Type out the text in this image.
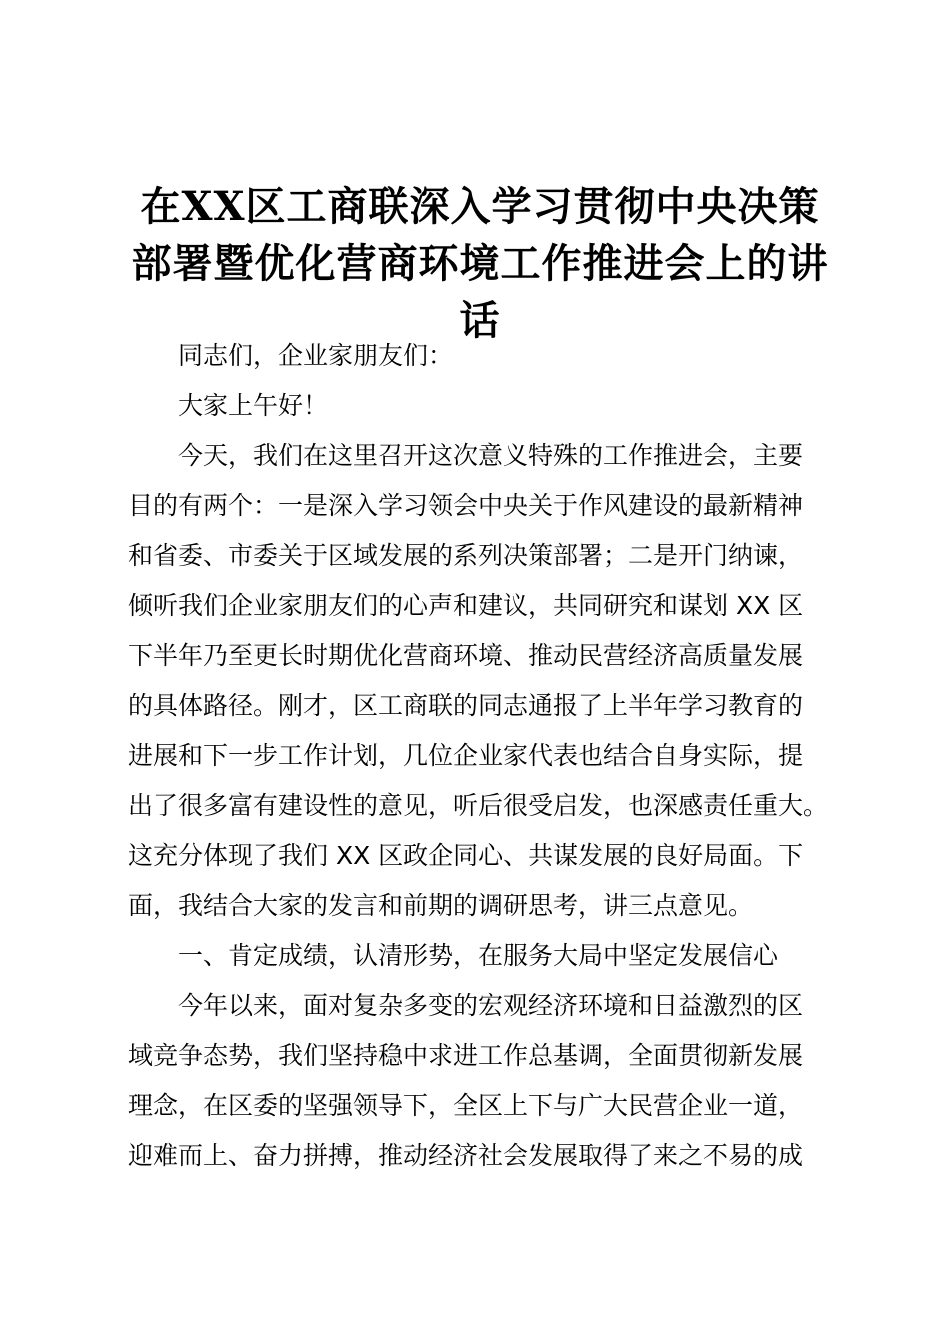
在XX区工商联深入学习贯彻中央决策
部署暨优化营商环境工作推进会上的讲
话
同志们，企业家朋友们：
大家上午好！
今天，我们在这里召开这次意义特殊的工作推进会，主要
目的有两个：一是深入学习领会中央关于作风建设的最新精神
和省委、市委关于区域发展的系列决策部署；二是开门纳谏，
倾听我们企业家朋友们的心声和建议，共同研究和谋划 XX 区
下半年乃至更长时期优化营商环境、推动民营经济高质量发展
的具体路径。刚才，区工商联的同志通报了上半年学习教育的
进展和下一步工作计划，几位企业家代表也结合自身实际，提
出了很多富有建设性的意见，听后很受启发，也深感责任重大。
这充分体现了我们 XX 区政企同心、共谋发展的良好局面。下
面，我结合大家的发言和前期的调研思考，讲三点意见。
一、肯定成绩，认清形势，在服务大局中坚定发展信心
今年以来，面对复杂多变的宏观经济环境和日益激烈的区
域竞争态势，我们坚持稳中求进工作总基调，全面贯彻新发展
理念，在区委的坚强领导下，全区上下与广大民营企业一道，
迎难而上、奋力拼搏，推动经济社会发展取得了来之不易的成
